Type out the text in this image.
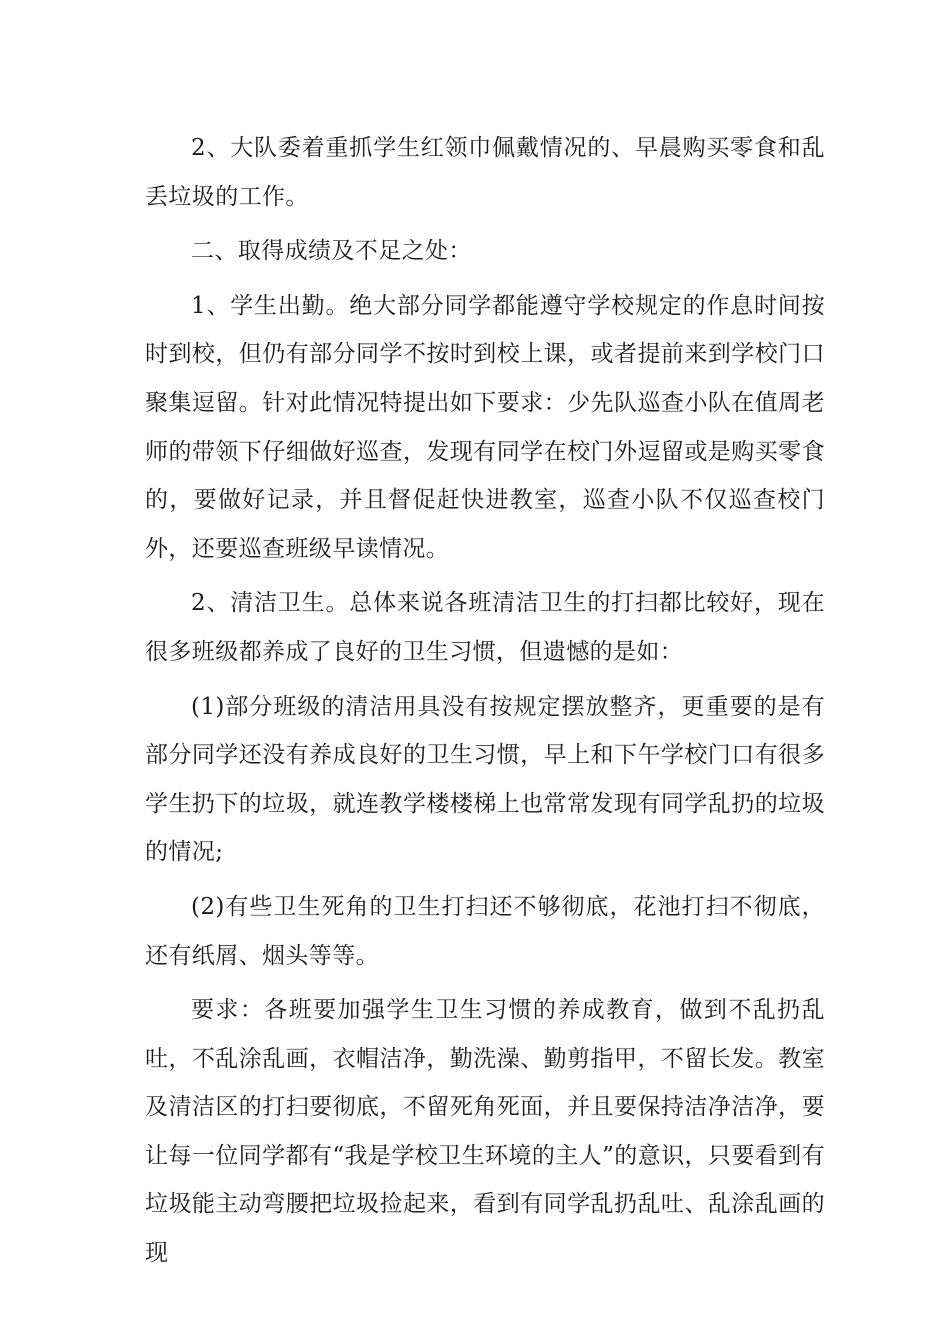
2、大队委着重抓学生红领巾佩戴情况的、早晨购买零食和乱丢垃圾的工作。

二、取得成绩及不足之处：

1、学生出勤。绝大部分同学都能遵守学校规定的作息时间按时到校，但仍有部分同学不按时到校上课，或者提前来到学校门口聚集逗留。针对此情况特提出如下要求：少先队巡查小队在值周老师的带领下仔细做好巡查，发现有同学在校门外逗留或是购买零食的，要做好记录，并且督促赶快进教室，巡查小队不仅巡查校门外，还要巡查班级早读情况。

2、清洁卫生。总体来说各班清洁卫生的打扫都比较好，现在很多班级都养成了良好的卫生习惯，但遗憾的是如：

(1)部分班级的清洁用具没有按规定摆放整齐，更重要的是有部分同学还没有养成良好的卫生习惯，早上和下午学校门口有很多学生扔下的垃圾，就连教学楼楼梯上也常常发现有同学乱扔的垃圾的情况;

(2)有些卫生死角的卫生打扫还不够彻底，花池打扫不彻底，还有纸屑、烟头等等。

要求：各班要加强学生卫生习惯的养成教育，做到不乱扔乱吐，不乱涂乱画，衣帽洁净，勤洗澡、勤剪指甲，不留长发。教室及清洁区的打扫要彻底，不留死角死面，并且要保持洁净洁净，要让每一位同学都有“我是学校卫生环境的主人”的意识，只要看到有垃圾能主动弯腰把垃圾捡起来，看到有同学乱扔乱吐、乱涂乱画的现
